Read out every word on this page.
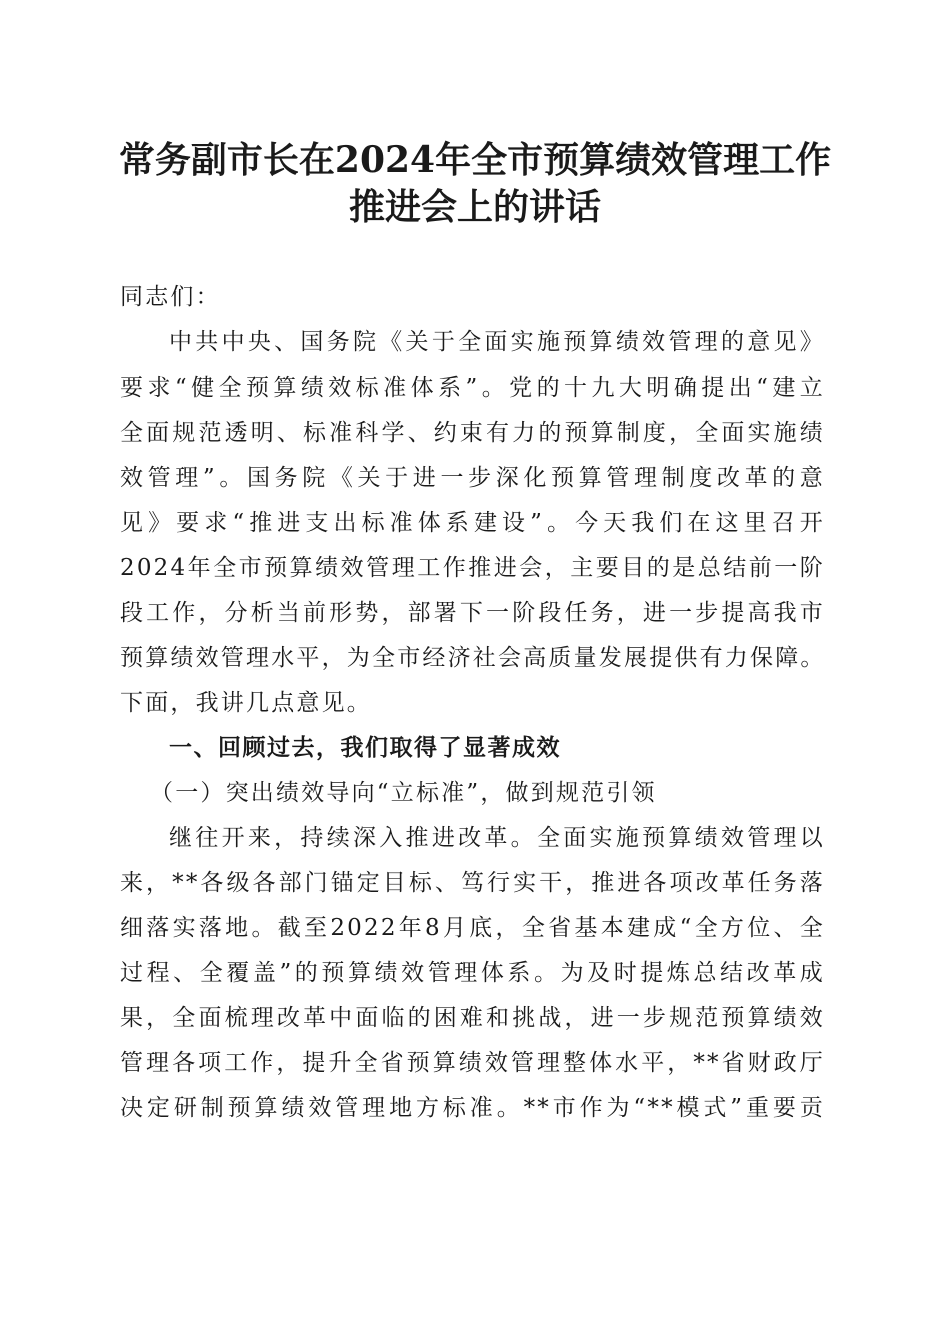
常务副市长在2024年全市预算绩效管理工作
推进会上的讲话

同志们：

中共中央、国务院《关于全面实施预算绩效管理的意见》

要求“健全预算绩效标准体系”。党的十九大明确提出“建立

全面规范透明、标准科学、约束有力的预算制度，全面实施绩

效管理”。国务院《关于进一步深化预算管理制度改革的意

见》要求“推进支出标准体系建设”。今天我们在这里召开

2024年全市预算绩效管理工作推进会，主要目的是总结前一阶

段工作，分析当前形势，部署下一阶段任务，进一步提高我市

预算绩效管理水平，为全市经济社会高质量发展提供有力保障。

下面，我讲几点意见。

一、回顾过去，我们取得了显著成效

（一）突出绩效导向“立标准”，做到规范引领

继往开来，持续深入推进改革。全面实施预算绩效管理以

来，**各级各部门锚定目标、笃行实干，推进各项改革任务落

细落实落地。截至2022年8月底，全省基本建成“全方位、全

过程、全覆盖”的预算绩效管理体系。为及时提炼总结改革成

果，全面梳理改革中面临的困难和挑战，进一步规范预算绩效

管理各项工作，提升全省预算绩效管理整体水平，**省财政厅

决定研制预算绩效管理地方标准。**市作为“**模式”重要贡
